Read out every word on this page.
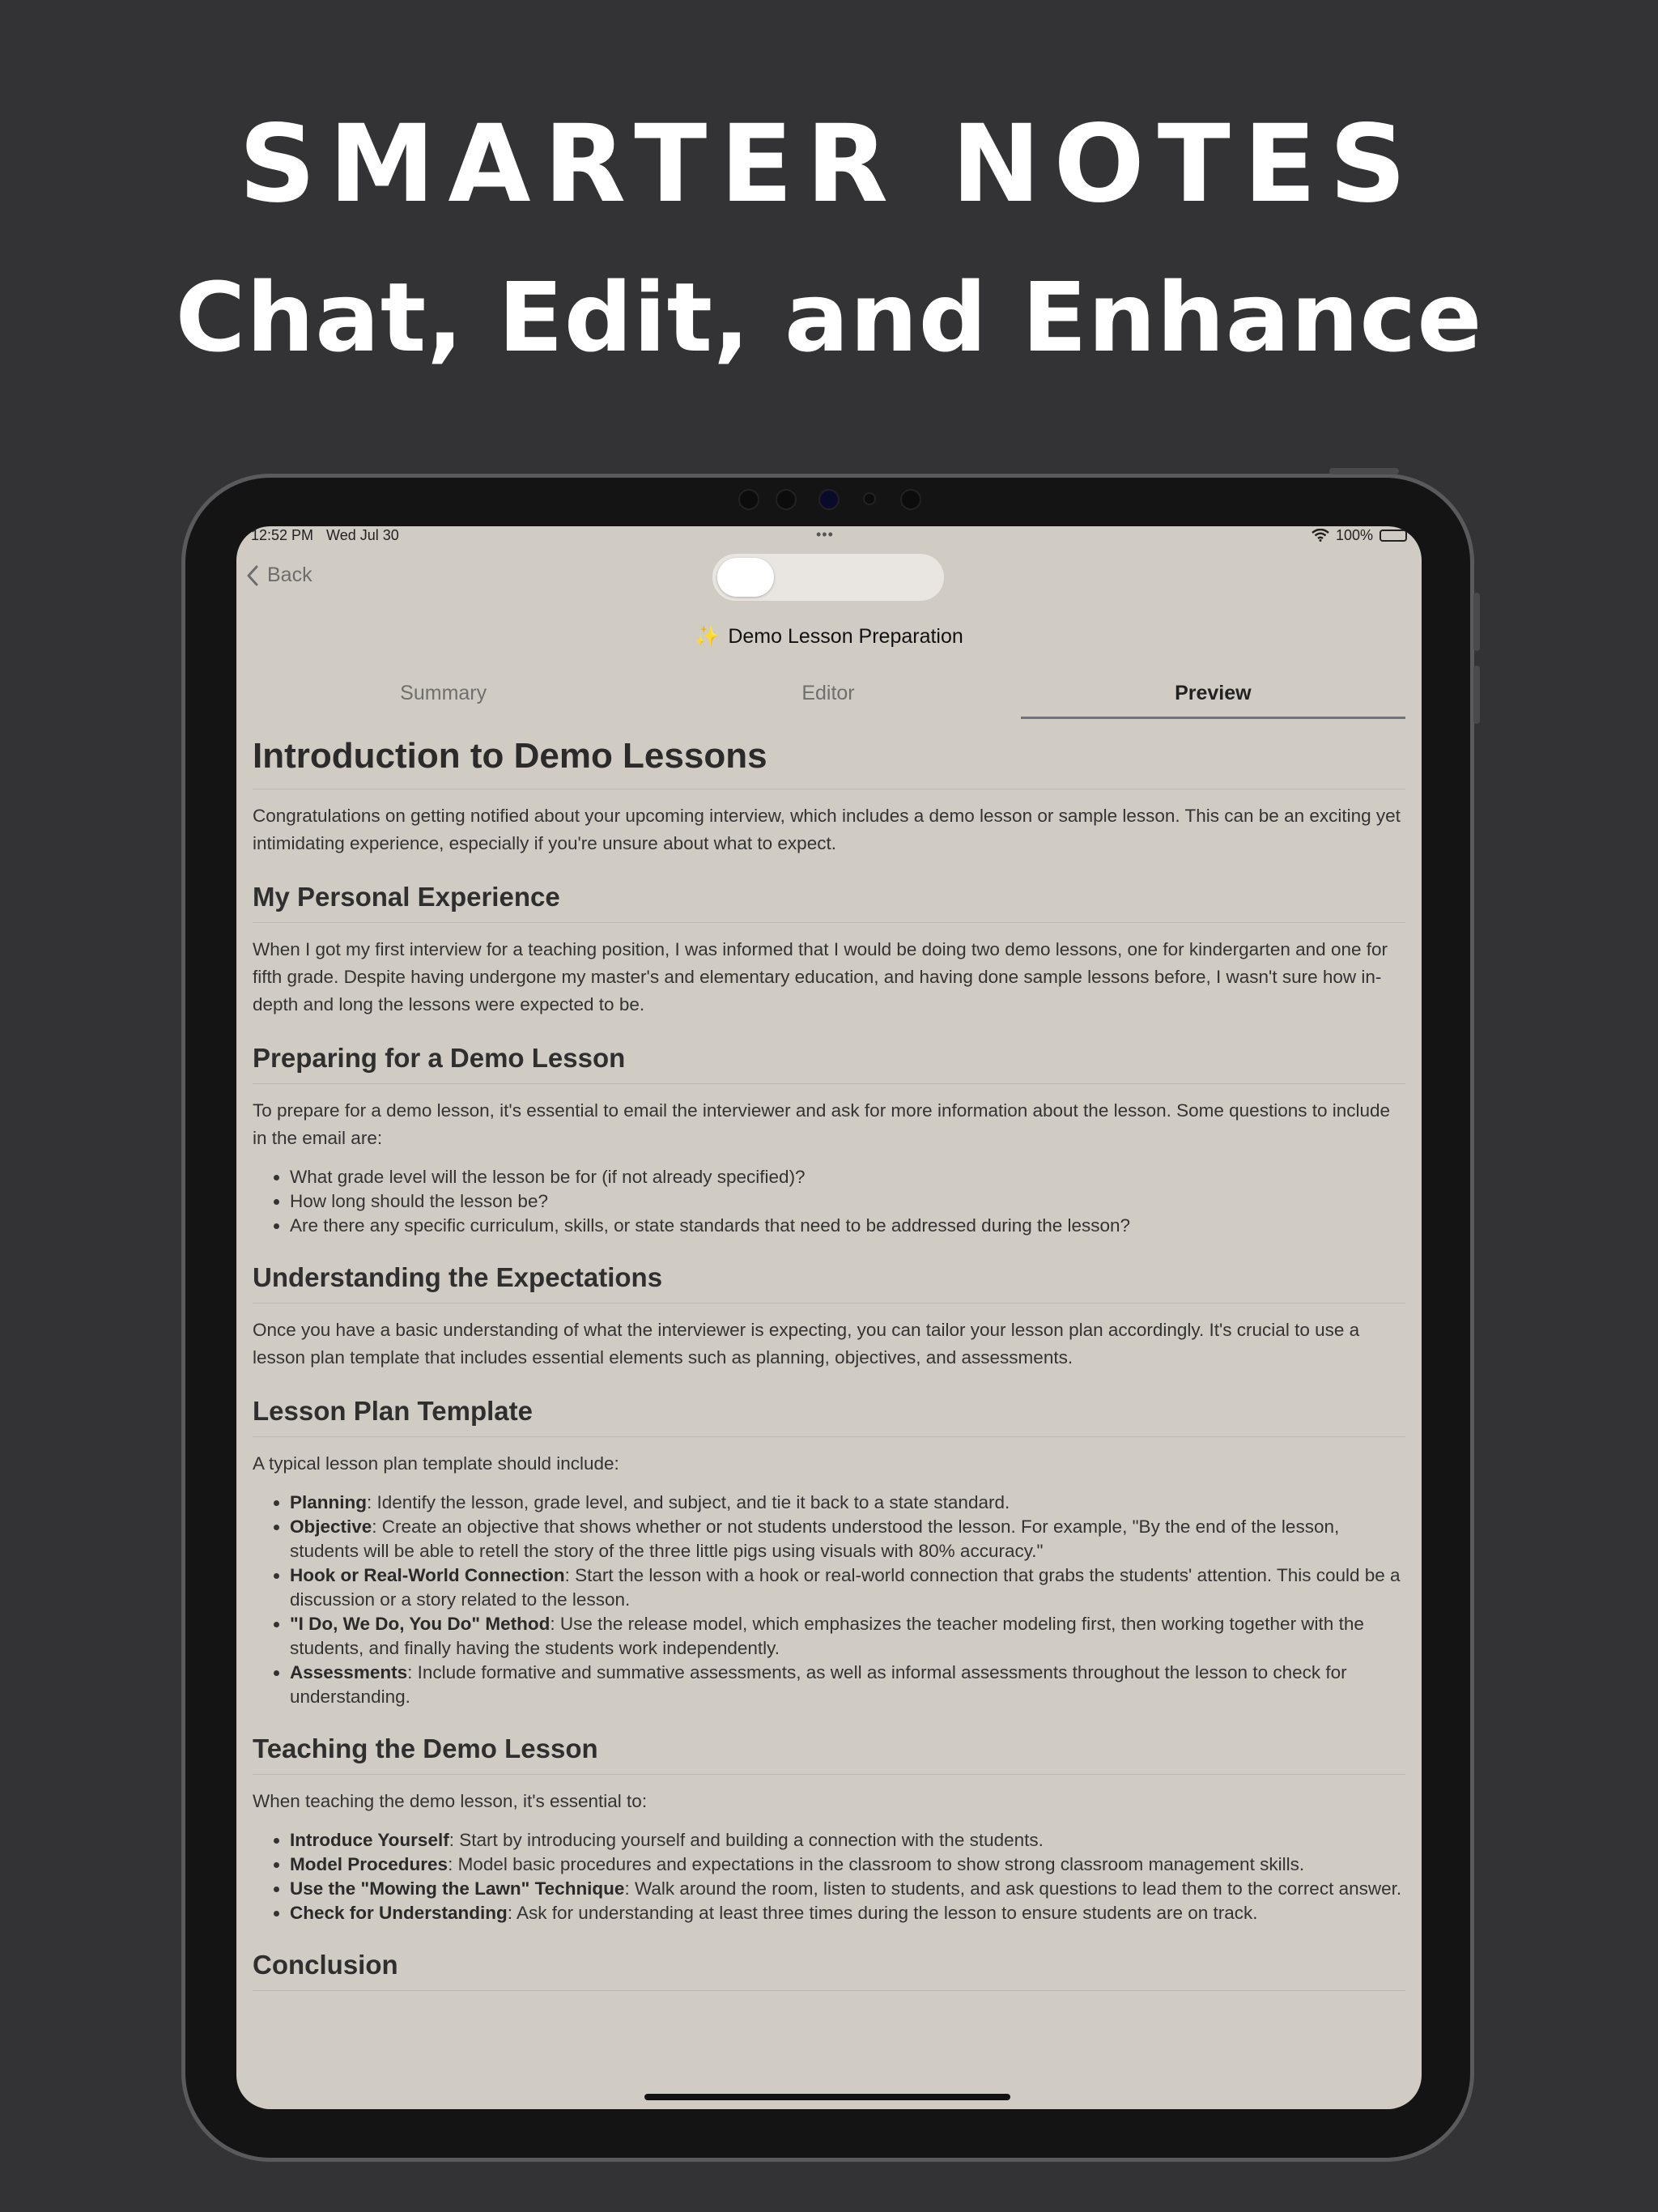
SMARTER NOTES
Chat, Edit, and Enhance
12:52 PM Wed Jul 30	100%
•••
Back
✨ Demo Lesson Preparation
Summary	Editor	Preview
Introduction to Demo Lessons

Congratulations on getting notified about your upcoming interview, which includes a demo lesson or sample lesson. This can be an exciting yet intimidating experience, especially if you're unsure about what to expect.

My Personal Experience

When I got my first interview for a teaching position, I was informed that I would be doing two demo lessons, one for kindergarten and one for fifth grade. Despite having undergone my master's and elementary education, and having done sample lessons before, I wasn't sure how in-depth and long the lessons were expected to be.

Preparing for a Demo Lesson

To prepare for a demo lesson, it's essential to email the interviewer and ask for more information about the lesson. Some questions to include in the email are:

• What grade level will the lesson be for (if not already specified)?
• How long should the lesson be?
• Are there any specific curriculum, skills, or state standards that need to be addressed during the lesson?
Understanding the Expectations

Once you have a basic understanding of what the interviewer is expecting, you can tailor your lesson plan accordingly. It's crucial to use a lesson plan template that includes essential elements such as planning, objectives, and assessments.

Lesson Plan Template

A typical lesson plan template should include:

• Planning: Identify the lesson, grade level, and subject, and tie it back to a state standard.
• Objective: Create an objective that shows whether or not students understood the lesson. For example, "By the end of the lesson, students will be able to retell the story of the three little pigs using visuals with 80% accuracy."
• Hook or Real-World Connection: Start the lesson with a hook or real-world connection that grabs the students' attention. This could be a discussion or a story related to the lesson.
• "I Do, We Do, You Do" Method: Use the release model, which emphasizes the teacher modeling first, then working together with the students, and finally having the students work independently.
• Assessments: Include formative and summative assessments, as well as informal assessments throughout the lesson to check for understanding.
Teaching the Demo Lesson

When teaching the demo lesson, it's essential to:

• Introduce Yourself: Start by introducing yourself and building a connection with the students.
• Model Procedures: Model basic procedures and expectations in the classroom to show strong classroom management skills.
• Use the "Mowing the Lawn" Technique: Walk around the room, listen to students, and ask questions to lead them to the correct answer.
• Check for Understanding: Ask for understanding at least three times during the lesson to ensure students are on track.
Conclusion
